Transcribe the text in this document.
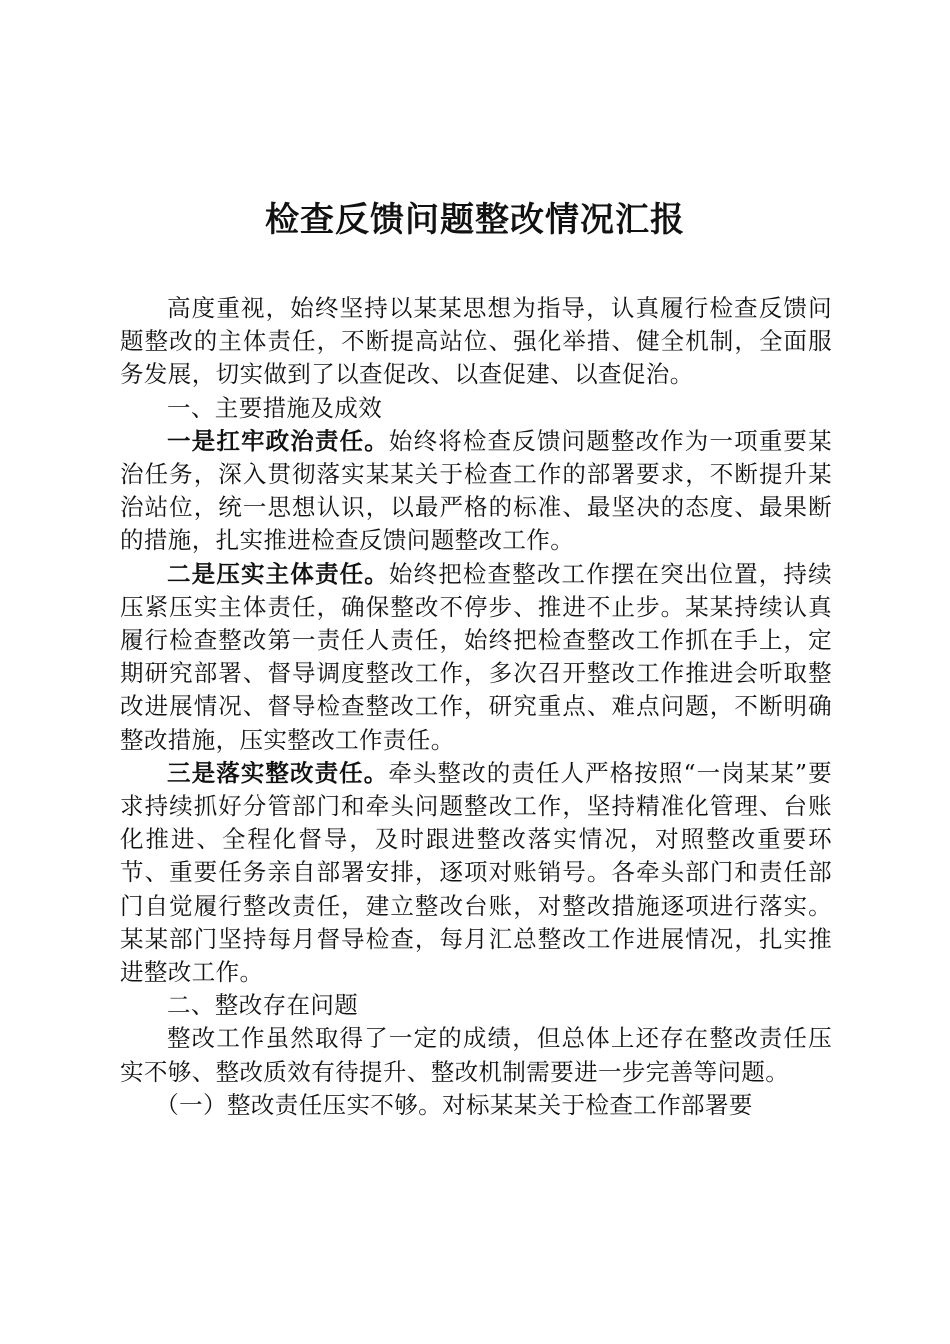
检查反馈问题整改情况汇报

高度重视，始终坚持以某某思想为指导，认真履行检查反馈问题整改的主体责任，不断提高站位、强化举措、健全机制，全面服务发展，切实做到了以查促改、以查促建、以查促治。

一、主要措施及成效

一是扛牢政治责任。始终将检查反馈问题整改作为一项重要某治任务，深入贯彻落实某某关于检查工作的部署要求，不断提升某治站位，统一思想认识，以最严格的标准、最坚决的态度、最果断的措施，扎实推进检查反馈问题整改工作。

二是压实主体责任。始终把检查整改工作摆在突出位置，持续压紧压实主体责任，确保整改不停步、推进不止步。某某持续认真履行检查整改第一责任人责任，始终把检查整改工作抓在手上，定期研究部署、督导调度整改工作，多次召开整改工作推进会听取整改进展情况、督导检查整改工作，研究重点、难点问题，不断明确整改措施，压实整改工作责任。

三是落实整改责任。牵头整改的责任人严格按照“一岗某某”要求持续抓好分管部门和牵头问题整改工作，坚持精准化管理、台账化推进、全程化督导，及时跟进整改落实情况，对照整改重要环节、重要任务亲自部署安排，逐项对账销号。各牵头部门和责任部门自觉履行整改责任，建立整改台账，对整改措施逐项进行落实。某某部门坚持每月督导检查，每月汇总整改工作进展情况，扎实推进整改工作。

二、整改存在问题

整改工作虽然取得了一定的成绩，但总体上还存在整改责任压实不够、整改质效有待提升、整改机制需要进一步完善等问题。

（一）整改责任压实不够。对标某某关于检查工作部署要
